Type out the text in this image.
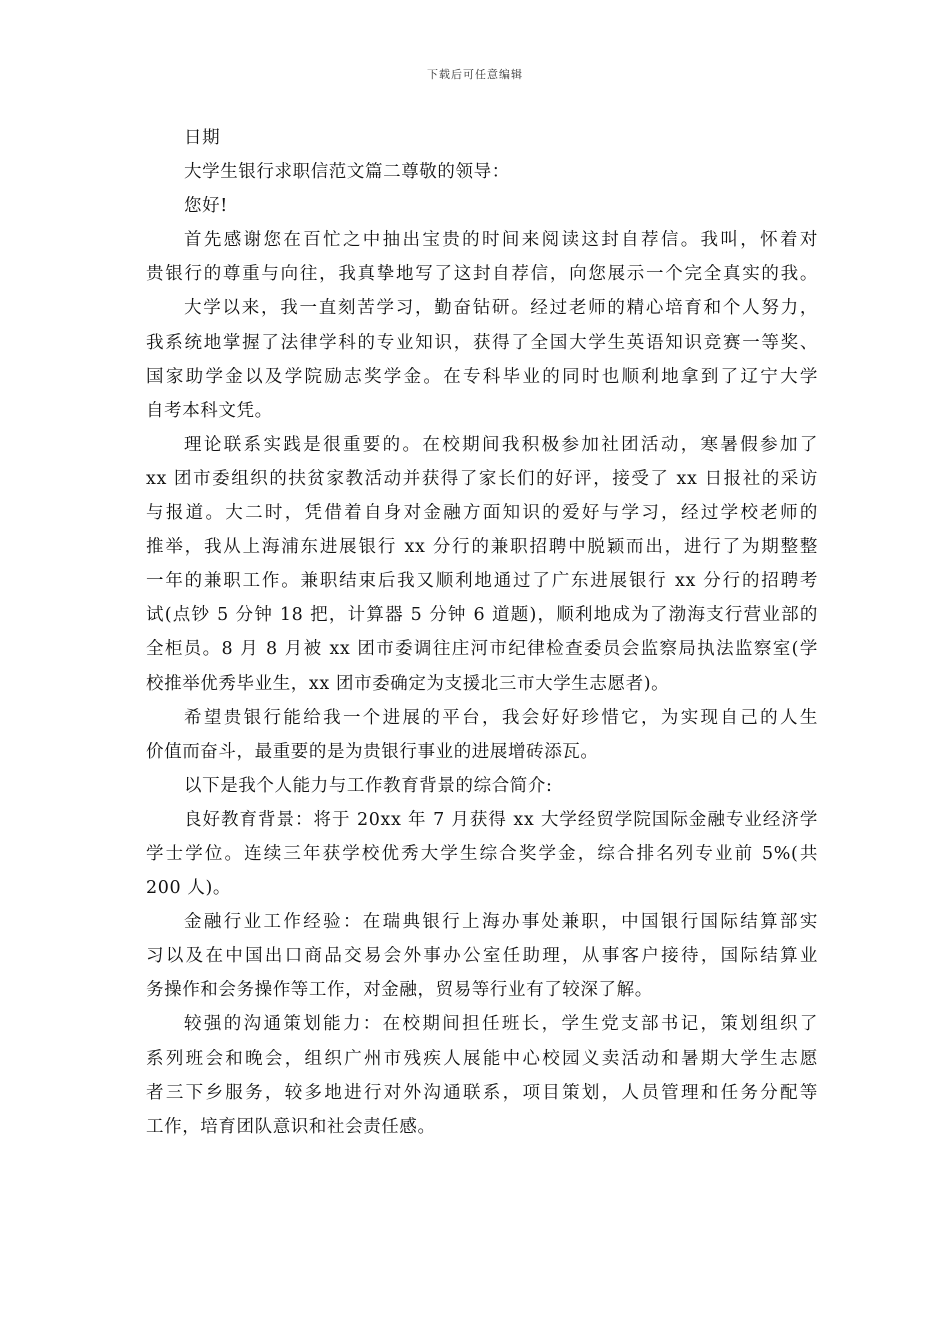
下载后可任意编辑
日期
大学生银行求职信范文篇二尊敬的领导：
您好!
首先感谢您在百忙之中抽出宝贵的时间来阅读这封自荐信。我叫，怀着对
贵银行的尊重与向往，我真挚地写了这封自荐信，向您展示一个完全真实的我。
大学以来，我一直刻苦学习，勤奋钻研。经过老师的精心培育和个人努力，
我系统地掌握了法律学科的专业知识，获得了全国大学生英语知识竞赛一等奖、
国家助学金以及学院励志奖学金。在专科毕业的同时也顺利地拿到了辽宁大学
自考本科文凭。
理论联系实践是很重要的。在校期间我积极参加社团活动，寒暑假参加了
xx 团市委组织的扶贫家教活动并获得了家长们的好评，接受了 xx 日报社的采访
与报道。大二时，凭借着自身对金融方面知识的爱好与学习，经过学校老师的
推举，我从上海浦东进展银行 xx 分行的兼职招聘中脱颖而出，进行了为期整整
一年的兼职工作。兼职结束后我又顺利地通过了广东进展银行 xx 分行的招聘考
试(点钞 5 分钟 18 把，计算器 5 分钟 6 道题)，顺利地成为了渤海支行营业部的
全柜员。8 月 8 月被 xx 团市委调往庄河市纪律检查委员会监察局执法监察室(学
校推举优秀毕业生，xx 团市委确定为支援北三市大学生志愿者)。
希望贵银行能给我一个进展的平台，我会好好珍惜它，为实现自己的人生
价值而奋斗，最重要的是为贵银行事业的进展增砖添瓦。
以下是我个人能力与工作教育背景的综合简介:
良好教育背景：将于 20xx 年 7 月获得 xx 大学经贸学院国际金融专业经济学
学士学位。连续三年获学校优秀大学生综合奖学金，综合排名列专业前 5%(共
200 人)。
金融行业工作经验：在瑞典银行上海办事处兼职，中国银行国际结算部实
习以及在中国出口商品交易会外事办公室任助理，从事客户接待，国际结算业
务操作和会务操作等工作，对金融，贸易等行业有了较深了解。
较强的沟通策划能力：在校期间担任班长，学生党支部书记，策划组织了
系列班会和晚会，组织广州市残疾人展能中心校园义卖活动和暑期大学生志愿
者三下乡服务，较多地进行对外沟通联系，项目策划，人员管理和任务分配等
工作，培育团队意识和社会责任感。
